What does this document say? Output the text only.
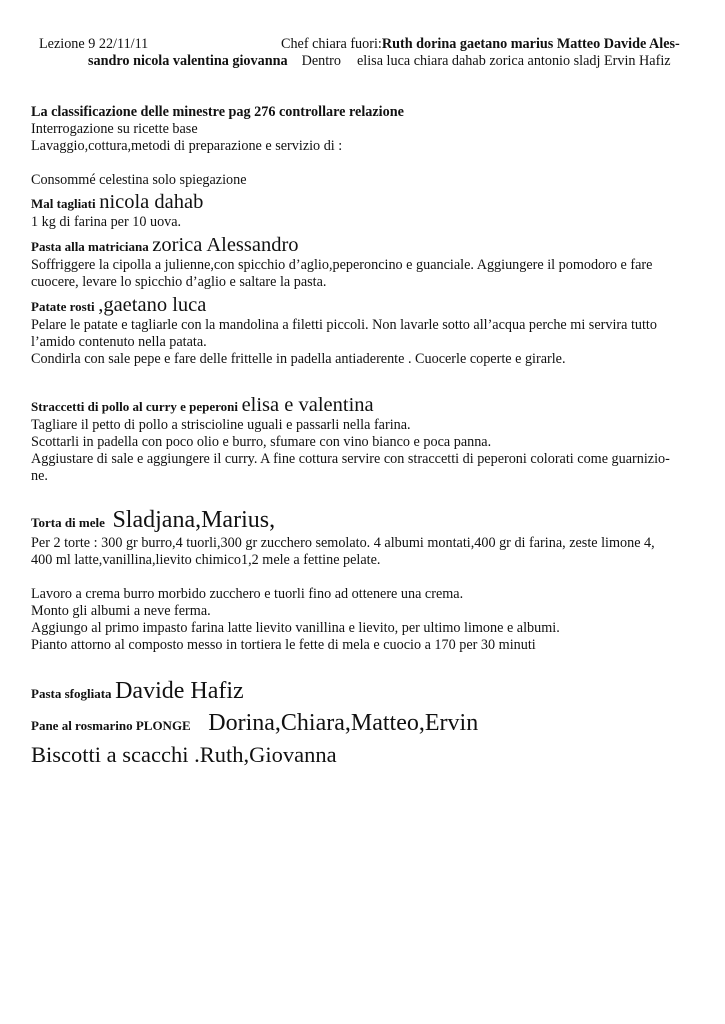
Lezione 9 22/11/11	Chef chiara fuori:Ruth dorina gaetano marius Matteo Davide Ales-
sandro nicola valentina giovanna Dentro elisa luca chiara dahab zorica antonio sladj Ervin Hafiz
La classificazione delle minestre pag 276 controllare relazione
Interrogazione su ricette base
Lavaggio,cottura,metodi di preparazione e servizio di :
Consommé celestina solo spiegazione
Mal tagliati nicola dahab
1 kg di farina per 10 uova.
Pasta alla matriciana zorica Alessandro
Soffriggere la cipolla a julienne,con spicchio d’aglio,peperoncino e guanciale. Aggiungere il pomodoro e fare
cuocere, levare lo spicchio d’aglio e saltare la pasta.
Patate rosti ,gaetano luca
Pelare le patate e tagliarle con la mandolina a filetti piccoli. Non lavarle sotto all’acqua perche mi servira tutto
l’amido contenuto nella patata.
Condirla con sale pepe e fare delle frittelle in padella antiaderente . Cuocerle coperte e girarle.
Straccetti di pollo al curry e peperoni elisa e valentina
Tagliare il petto di pollo a striscioline uguali e passarli nella farina.
Scottarli in padella con poco olio e burro, sfumare con vino bianco e poca panna.
Aggiustare di sale e aggiungere il curry. A fine cottura servire con straccetti di peperoni colorati come guarnizio-
ne.
Torta di mele Sladjana,Marius,
Per 2 torte : 300 gr burro,4 tuorli,300 gr zucchero semolato. 4 albumi montati,400 gr di farina, zeste limone 4,
400 ml latte,vanillina,lievito chimico1,2 mele a fettine pelate.
Lavoro a crema burro morbido zucchero e tuorli fino ad ottenere una crema.
Monto gli albumi a neve ferma.
Aggiungo al primo impasto farina latte lievito vanillina e lievito, per ultimo limone e albumi.
Pianto attorno al composto messo in tortiera le fette di mela e cuocio a 170 per 30 minuti
Pasta sfogliata Davide Hafiz
Pane al rosmarino PLONGE Dorina,Chiara,Matteo,Ervin
Biscotti a scacchi .Ruth,Giovanna
